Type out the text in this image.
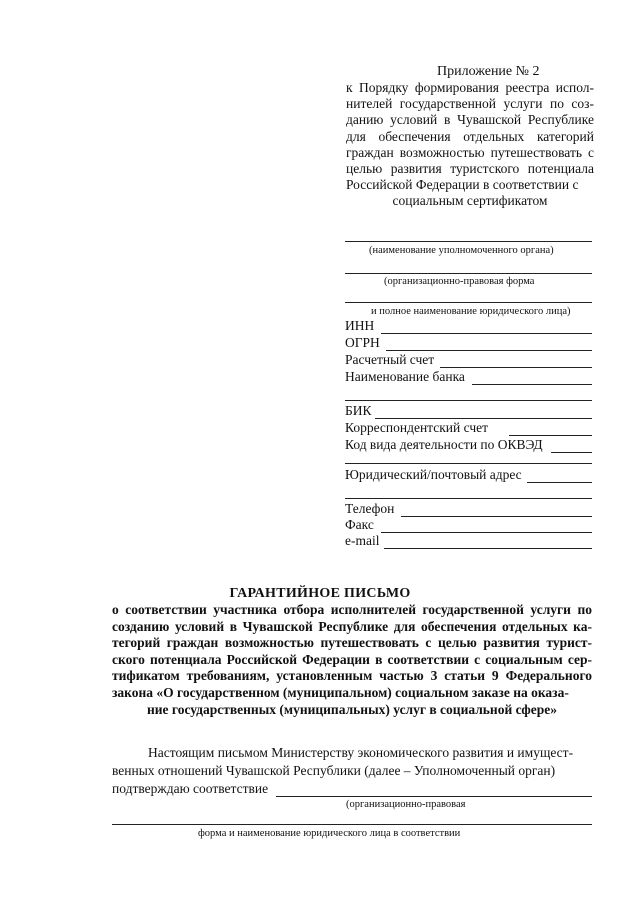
Приложение № 2
к Порядку формирования реестра испол- нителей государственной услуги по соз- данию условий в Чувашской Республике для обеспечения отдельных категорий граждан возможностью путешествовать с целью развития туристского потенциала Российской Федерации в соответствии с
социальным сертификатом
(наименование уполномоченного органа)
(организационно-правовая форма
и полное наименование юридического лица)
ИНН
ОГРН
Расчетный счет
Наименование банка
БИК
Корреспондентский счет
Код вида деятельности по ОКВЭД
Юридический/почтовый адрес
Телефон
Факс
e-mail
ГАРАНТИЙНОЕ ПИСЬМО
о соответствии участника отбора исполнителей государственной услуги по созданию условий в Чувашской Республике для обеспечения отдельных ка- тегорий граждан возможностью путешествовать с целью развития турист- ского потенциала Российской Федерации в соответствии с социальным сер- тификатом требованиям, установленным частью 3 статьи 9 Федерального закона «О государственном (муниципальном) социальном заказе на оказа-
ние государственных (муниципальных) услуг в социальной сфере»
Настоящим письмом Министерству экономического развития и имущест-
венных отношений Чувашской Республики (далее – Уполномоченный орган)
подтверждаю соответствие
(организационно-правовая
форма и наименование юридического лица в соответствии
